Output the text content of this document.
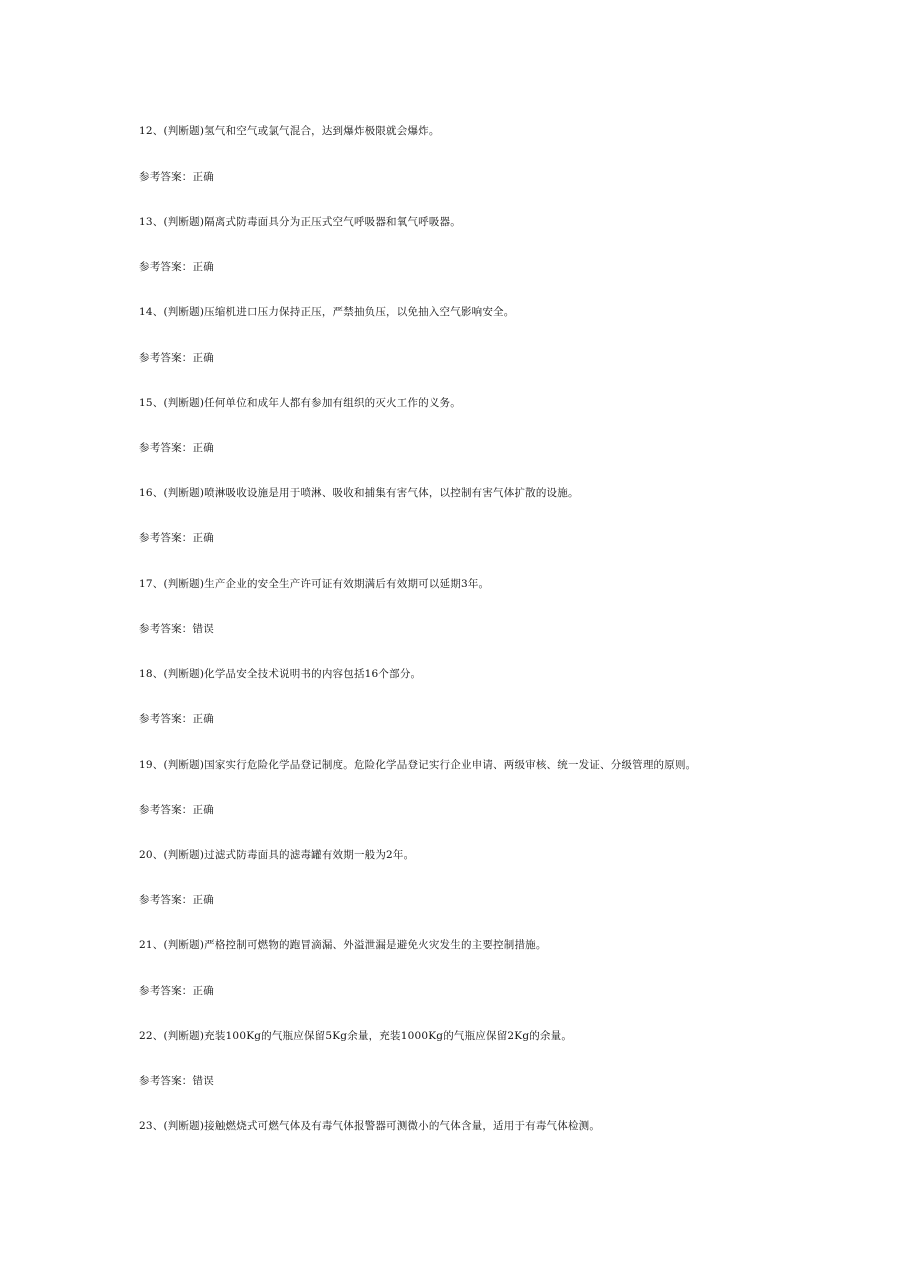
12、(判断题)氢气和空气或氯气混合，达到爆炸极限就会爆炸。
参考答案：正确
13、(判断题)隔离式防毒面具分为正压式空气呼吸器和氧气呼吸器。
参考答案：正确
14、(判断题)压缩机进口压力保持正压，严禁抽负压，以免抽入空气影响安全。
参考答案：正确
15、(判断题)任何单位和成年人都有参加有组织的灭火工作的义务。
参考答案：正确
16、(判断题)喷淋吸收设施是用于喷淋、吸收和捕集有害气体，以控制有害气体扩散的设施。
参考答案：正确
17、(判断题)生产企业的安全生产许可证有效期满后有效期可以延期3年。
参考答案：错误
18、(判断题)化学品安全技术说明书的内容包括16个部分。
参考答案：正确
19、(判断题)国家实行危险化学品登记制度。危险化学品登记实行企业申请、两级审核、统一发证、分级管理的原则。
参考答案：正确
20、(判断题)过滤式防毒面具的滤毒罐有效期一般为2年。
参考答案：正确
21、(判断题)严格控制可燃物的跑冒滴漏、外溢泄漏是避免火灾发生的主要控制措施。
参考答案：正确
22、(判断题)充装100Kg的气瓶应保留5Kg余量，充装1000Kg的气瓶应保留2Kg的余量。
参考答案：错误
23、(判断题)接触燃烧式可燃气体及有毒气体报警器可测微小的气体含量，适用于有毒气体检测。
